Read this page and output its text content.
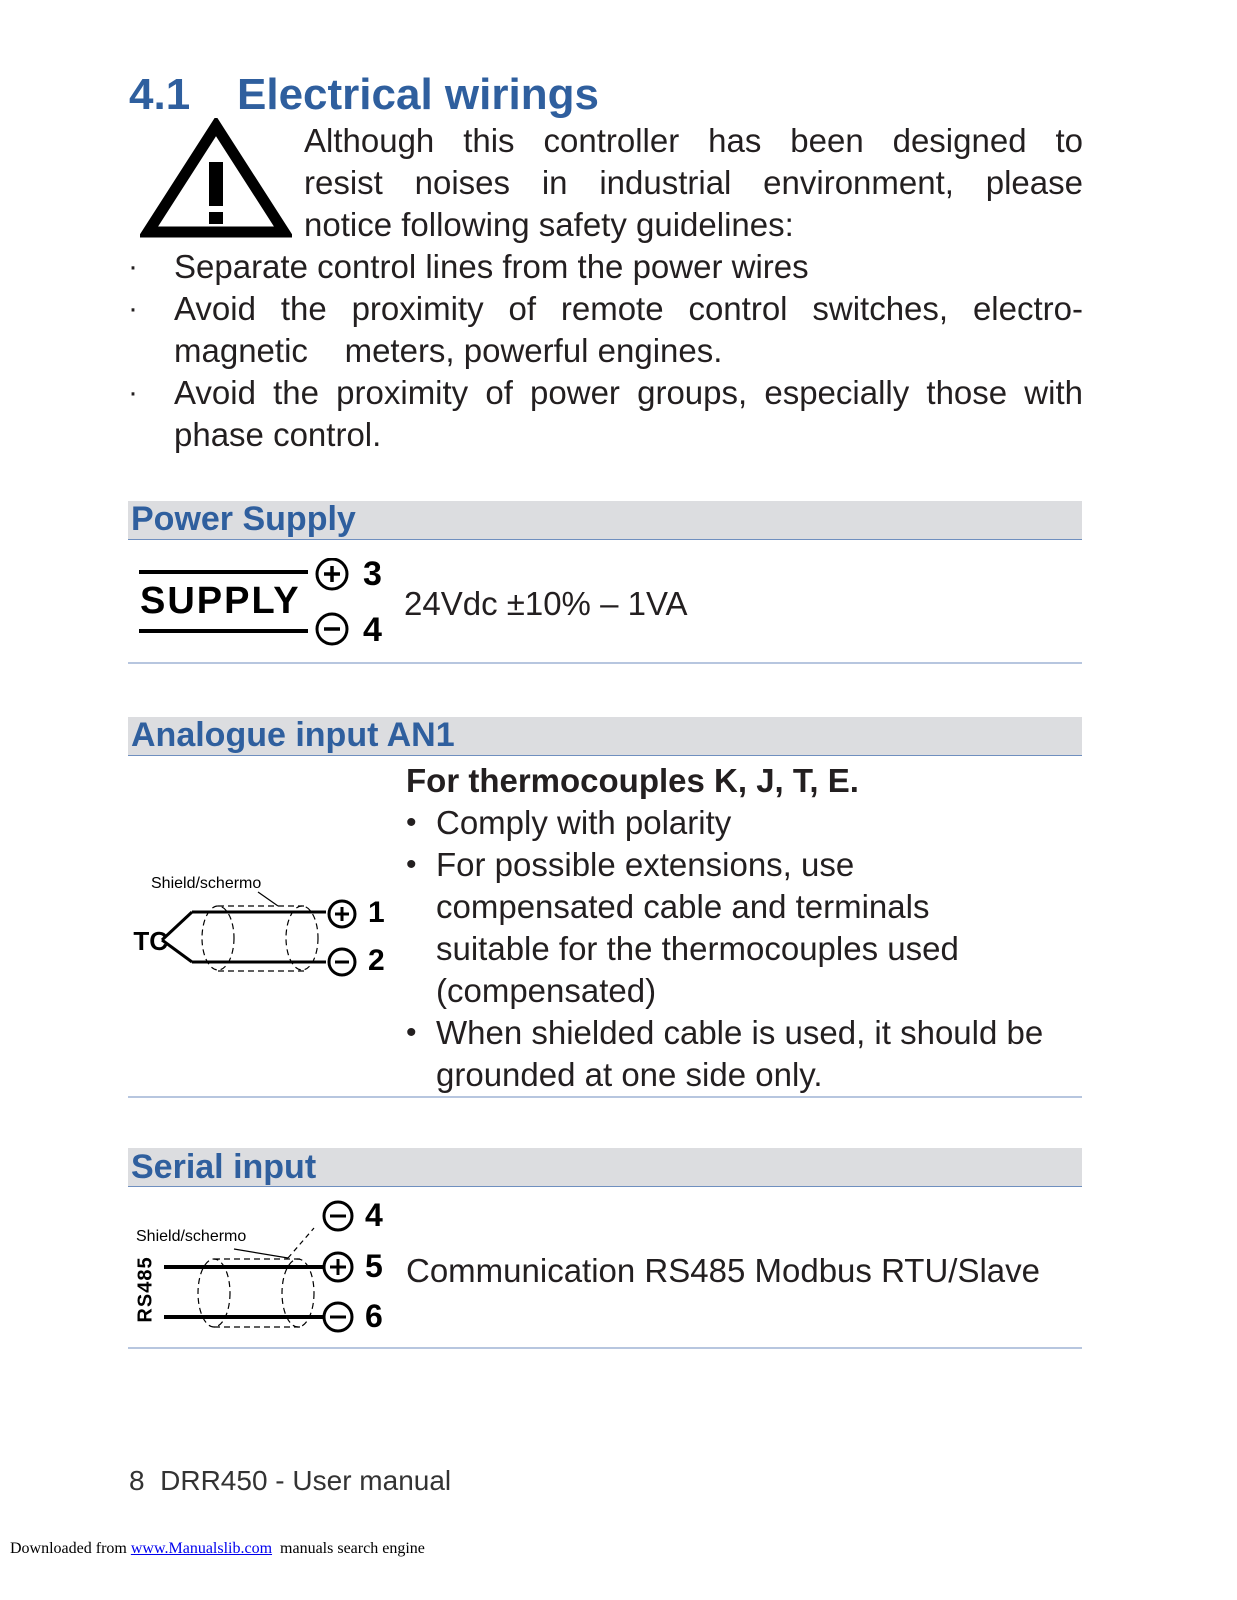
4.1 Electrical wirings
Although this controller has been designed to
resist noises in industrial environment, please
notice following safety guidelines:
· Separate control lines from the power wires
· Avoid the proximity of remote control switches, electro-
magnetic    meters, powerful engines.
· Avoid the proximity of power groups, especially those with
phase control.
Power Supply
SUPPLY
3
4
24Vdc ±10% – 1VA
Analogue input AN1
Shield/schermo
TC
1
2
For thermocouples K, J, T, E.
• Comply with polarity
• For possible extensions, use
compensated cable and terminals
suitable for the thermocouples used
(compensated)
• When shielded cable is used, it should be
grounded at one side only.
Serial input
Shield/schermo
RS485
4
5
6
Communication RS485 Modbus RTU/Slave
8 DRR450 - User manual
Downloaded from www.Manualslib.com  manuals search engine
